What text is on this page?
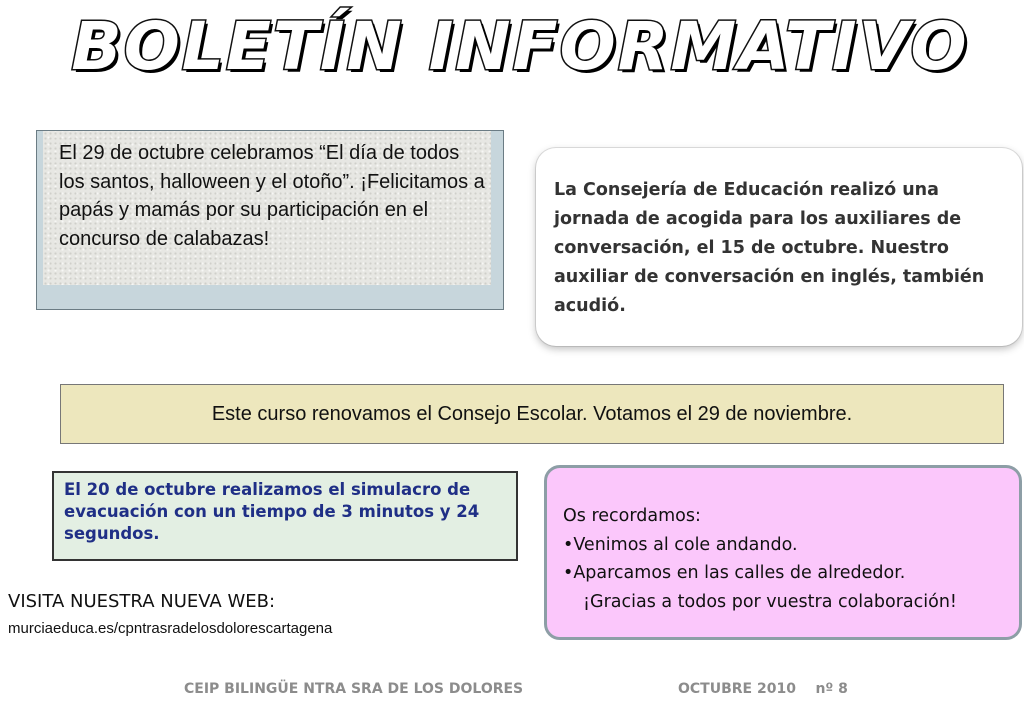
BOLETÍN INFORMATIVO
El 29 de octubre celebramos “El día de todos los santos, halloween y el otoño”. ¡Felicitamos a papás y mamás por su participación en el concurso de calabazas!
La Consejería de Educación realizó una jornada de acogida para los auxiliares de conversación, el 15 de octubre. Nuestro auxiliar de conversación en inglés, también acudió.
Este curso renovamos el Consejo Escolar. Votamos el 29 de noviembre.
El 20 de octubre realizamos el simulacro de evacuación con un tiempo de 3 minutos y 24 segundos.
Os recordamos:
•Venimos al cole andando.
•Aparcamos en las calles de alrededor.
¡Gracias a todos por vuestra colaboración!
VISITA NUESTRA NUEVA WEB:
murciaeduca.es/cpntrasradelosdolorescartagena
CEIP BILINGÜE NTRA SRA DE LOS DOLORES	OCTUBRE 2010    nº 8
